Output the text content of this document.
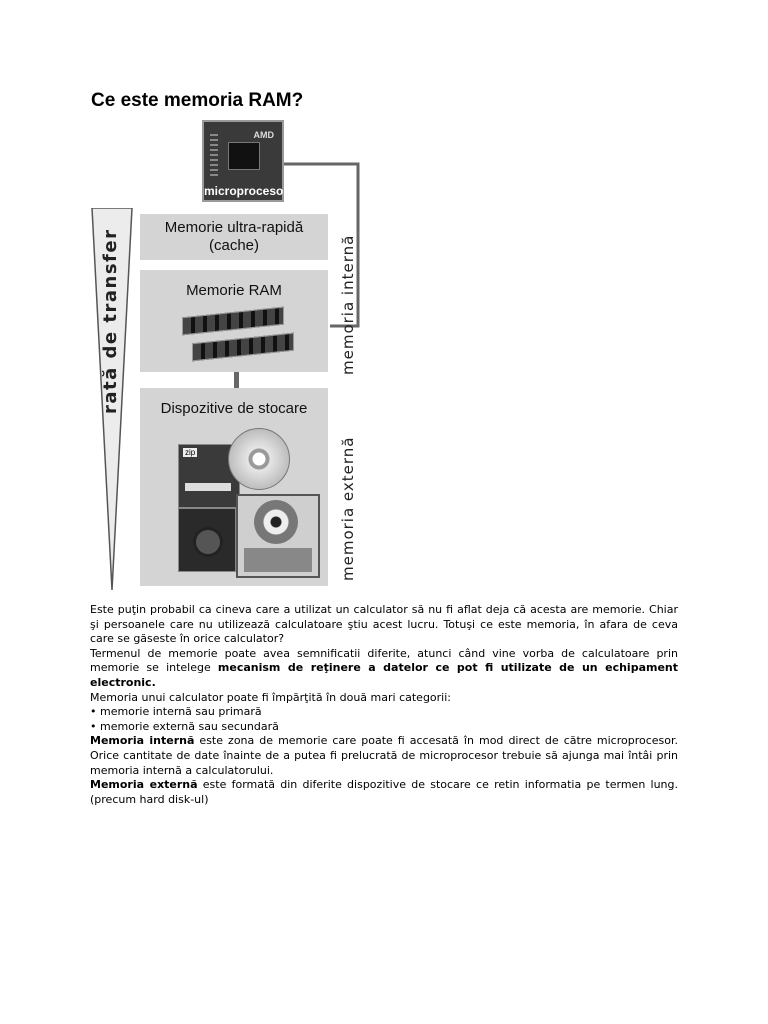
Ce este memoria RAM?
rată de transfer
AMD
microprocesor
memoria internă
Memorie ultra-rapidă
(cache)
Memorie RAM
Dispozitive de stocare
zip	memoria externă

Este puţin probabil ca cineva care a utilizat un calculator să nu fi aflat deja că acesta are memorie. Chiar şi persoanele care nu utilizează calculatoare ştiu acest lucru. Totuşi ce este memoria, în afara de ceva care se găseste în orice calculator?

Termenul de memorie poate avea semnificatii diferite, atunci când vine vorba de calculatoare prin memorie se intelege mecanism de reţinere a datelor ce pot fi utilizate de un echipament electronic.

Memoria unui calculator poate fi împărţită în două mari categorii:

• memorie internă sau primară

• memorie externă sau secundară

Memoria internă este zona de memorie care poate fi accesată în mod direct de către microprocesor. Orice cantitate de date înainte de a putea fi prelucrată de microprocesor trebuie să ajunga mai întâi prin memoria internă a calculatorului.

Memoria externă este formată din diferite dispozitive de stocare ce retin informatia pe termen lung. (precum hard disk-ul)
